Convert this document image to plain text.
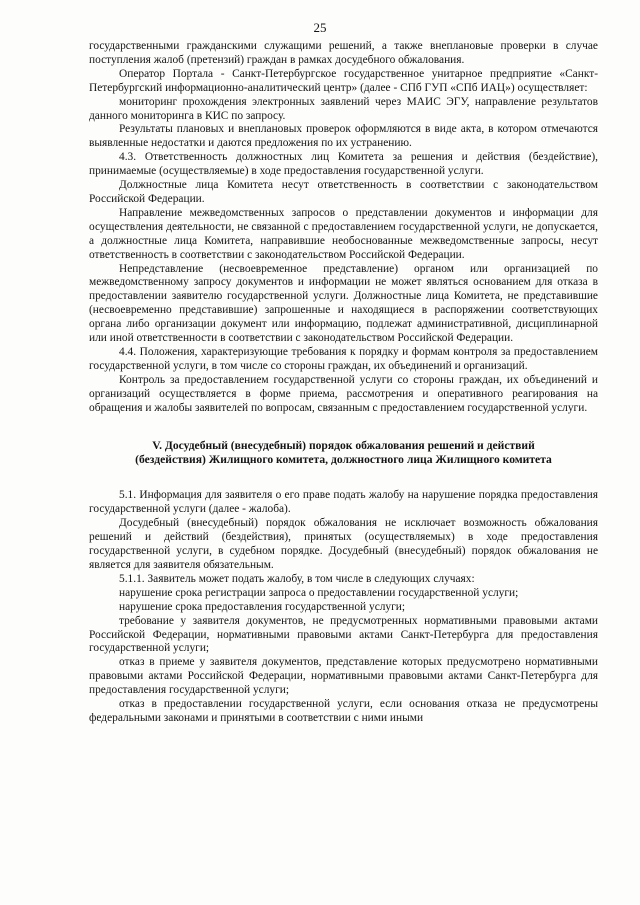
25

государственными гражданскими служащими решений, а также внеплановые проверки в случае поступления жалоб (претензий) граждан в рамках досудебного обжалования.

Оператор Портала - Санкт-Петербургское государственное унитарное предприятие «Санкт-Петербургский информационно-аналитический центр» (далее - СПб ГУП «СПб ИАЦ») осуществляет:

мониторинг прохождения электронных заявлений через МАИС ЭГУ, направление результатов данного мониторинга в КИС по запросу.

Результаты плановых и внеплановых проверок оформляются в виде акта, в котором отмечаются выявленные недостатки и даются предложения по их устранению.

4.3. Ответственность должностных лиц Комитета за решения и действия (бездействие), принимаемые (осуществляемые) в ходе предоставления государственной услуги.

Должностные лица Комитета несут ответственность в соответствии с законодательством Российской Федерации.

Направление межведомственных запросов о представлении документов и информации для осуществления деятельности, не связанной с предоставлением государственной услуги, не допускается, а должностные лица Комитета, направившие необоснованные межведомственные запросы, несут ответственность в соответствии с законодательством Российской Федерации.

Непредставление (несвоевременное представление) органом или организацией по межведомственному запросу документов и информации не может являться основанием для отказа в предоставлении заявителю государственной услуги. Должностные лица Комитета, не представившие (несвоевременно представившие) запрошенные и находящиеся в распоряжении соответствующих органа либо организации документ или информацию, подлежат административной, дисциплинарной или иной ответственности в соответствии с законодательством Российской Федерации.

4.4. Положения, характеризующие требования к порядку и формам контроля за предоставлением государственной услуги, в том числе со стороны граждан, их объединений и организаций.

Контроль за предоставлением государственной услуги со стороны граждан, их объединений и организаций осуществляется в форме приема, рассмотрения и оперативного реагирования на обращения и жалобы заявителей по вопросам, связанным с предоставлением государственной услуги.

V. Досудебный (внесудебный) порядок обжалования решений и действий
(бездействия) Жилищного комитета, должностного лица Жилищного комитета

5.1. Информация для заявителя о его праве подать жалобу на нарушение порядка предоставления государственной услуги (далее - жалоба).

Досудебный (внесудебный) порядок обжалования не исключает возможность обжалования решений и действий (бездействия), принятых (осуществляемых) в ходе предоставления государственной услуги, в судебном порядке. Досудебный (внесудебный) порядок обжалования не является для заявителя обязательным.

5.1.1. Заявитель может подать жалобу, в том числе в следующих случаях:

нарушение срока регистрации запроса о предоставлении государственной услуги;

нарушение срока предоставления государственной услуги;

требование у заявителя документов, не предусмотренных нормативными правовыми актами Российской Федерации, нормативными правовыми актами Санкт-Петербурга для предоставления государственной услуги;

отказ в приеме у заявителя документов, представление которых предусмотрено нормативными правовыми актами Российской Федерации, нормативными правовыми актами Санкт-Петербурга для предоставления государственной услуги;

отказ в предоставлении государственной услуги, если основания отказа не предусмотрены федеральными законами и принятыми в соответствии с ними иными
